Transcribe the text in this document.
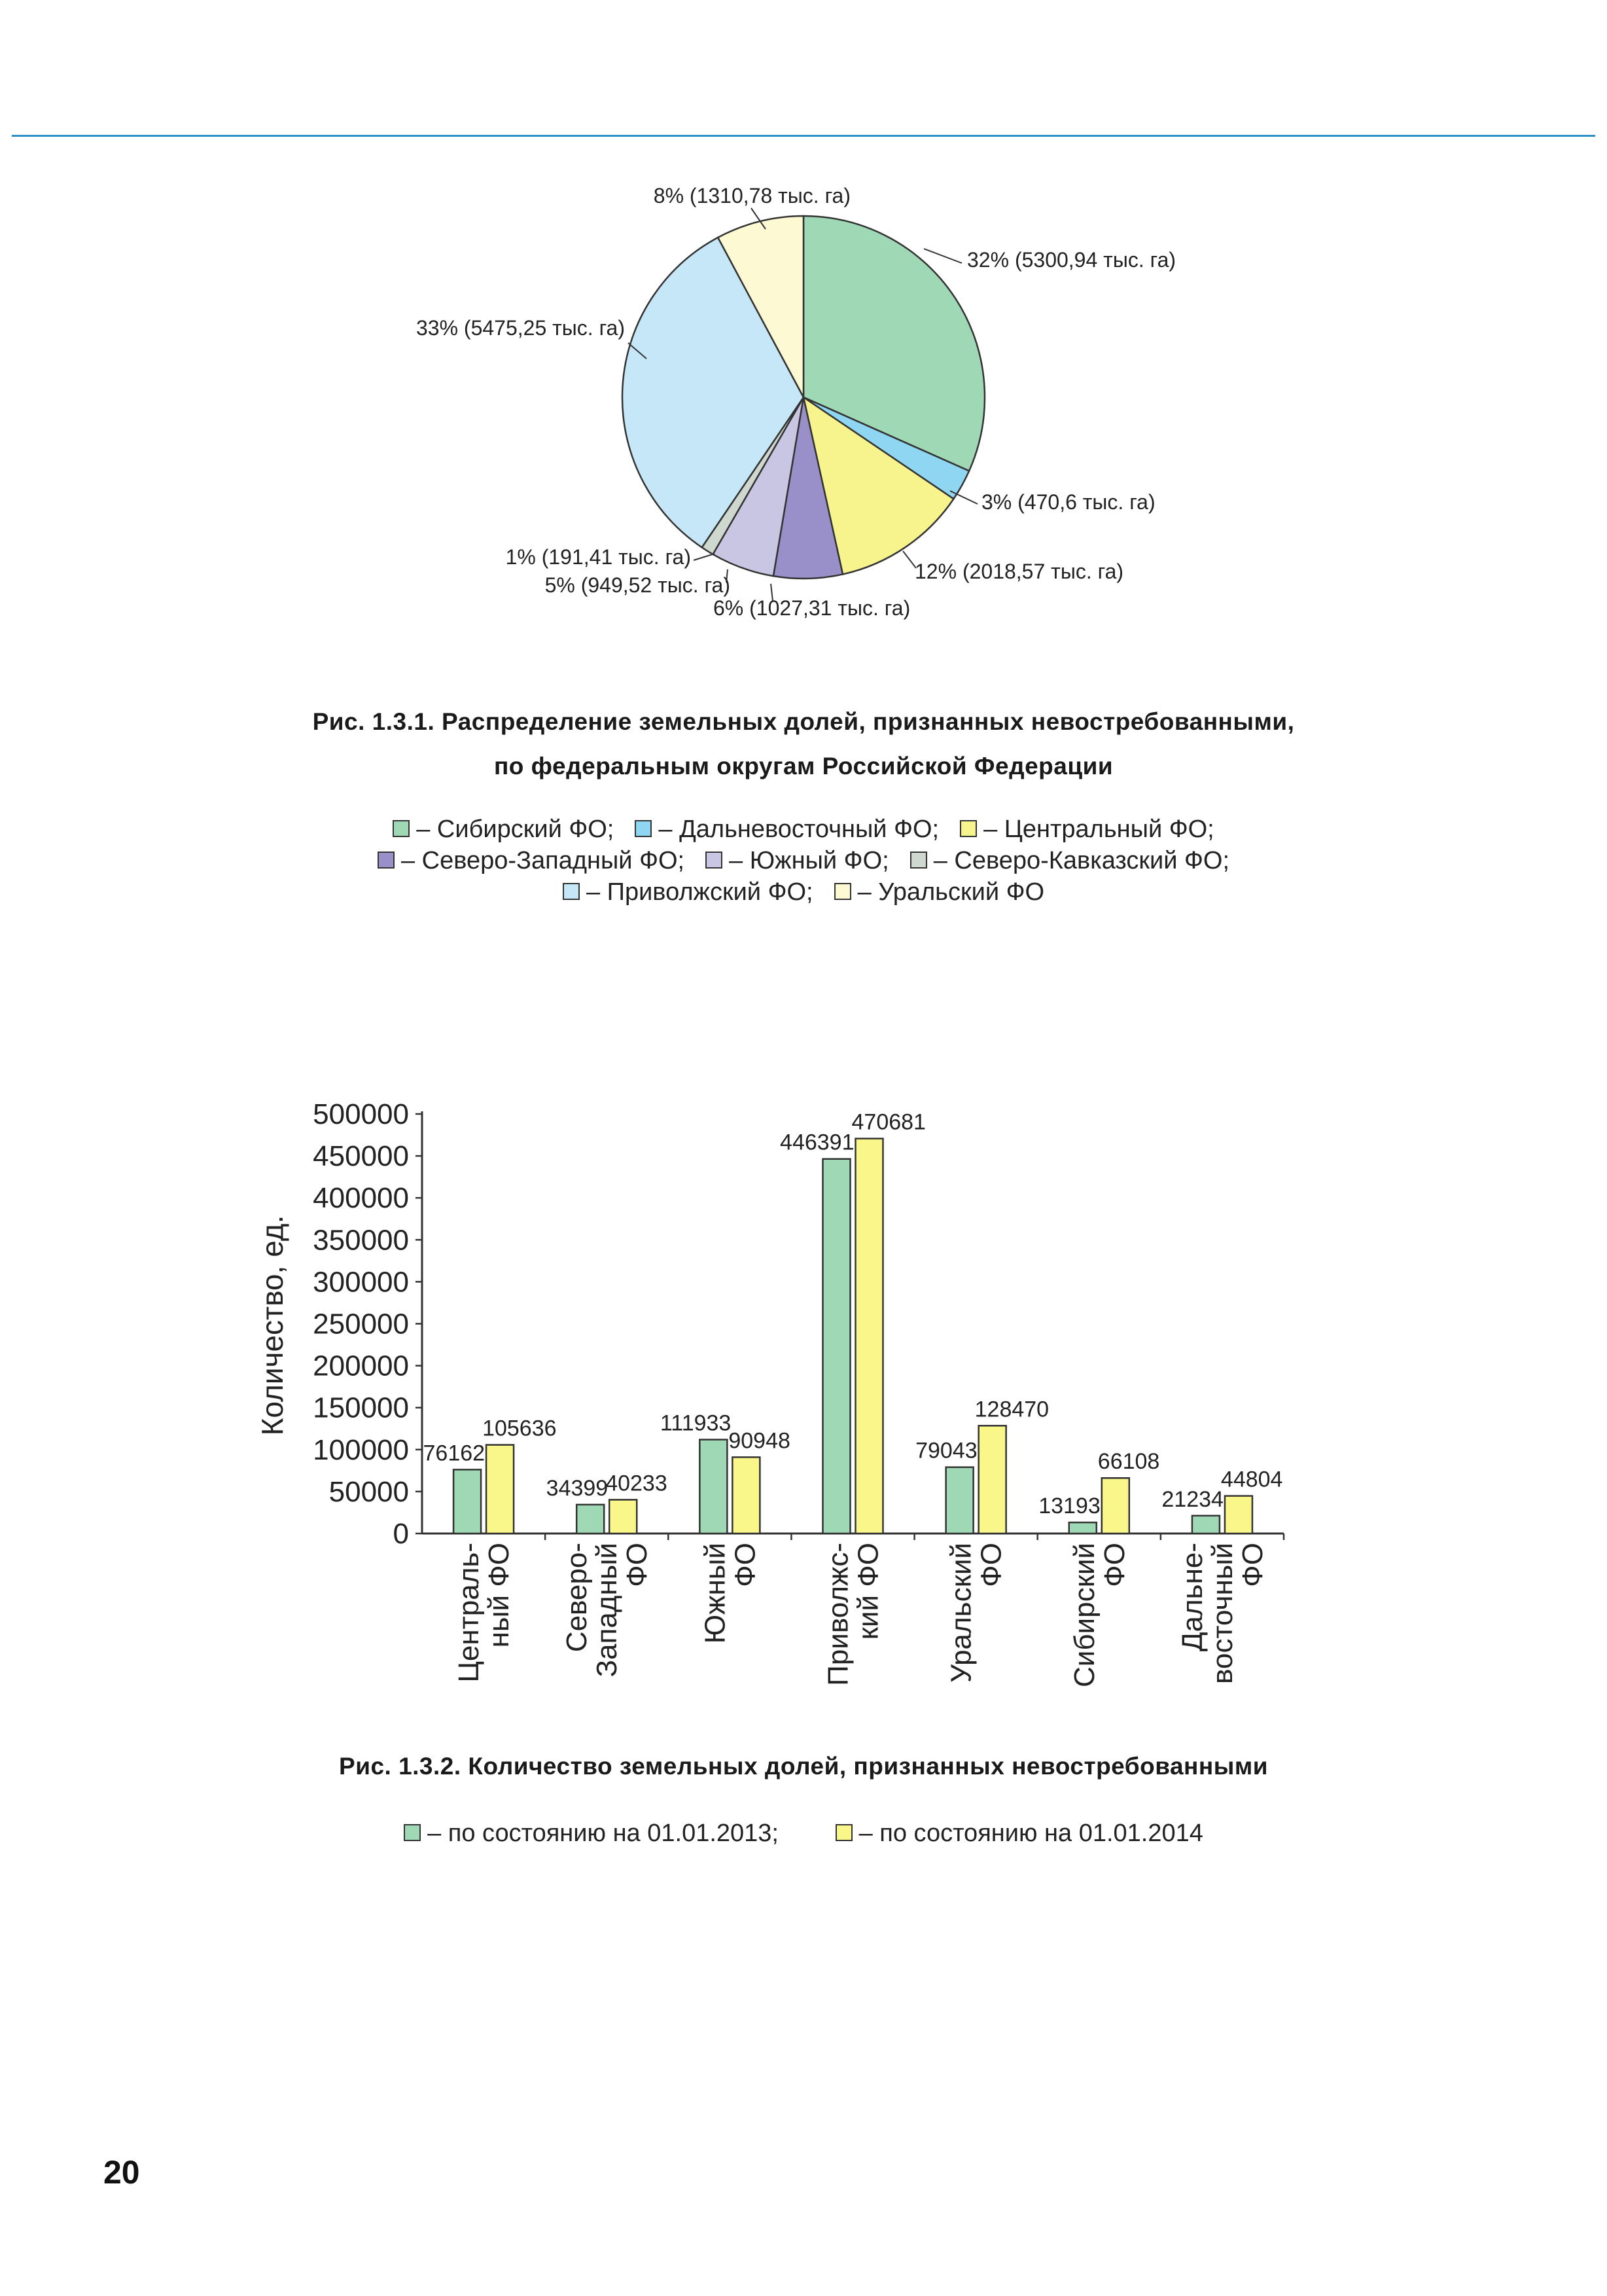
32% (5300,94 тыс. га)
3% (470,6 тыс. га)
12% (2018,57 тыс. га)
6% (1027,31 тыс. га)
5% (949,52 тыс. га)
1% (191,41 тыс. га)
33% (5475,25 тыс. га)
8% (1310,78 тыс. га)
Рис. 1.3.1. Распределение земельных долей, признанных невостребованными,
по федеральным округам Российской Федерации
– Сибирский ФО; – Дальневосточный ФО; – Центральный ФО;
– Северо-Западный ФО; – Южный ФО; – Северо-Кавказский ФО;
– Приволжский ФО; – Уральский ФО
0
50000
100000
150000
200000
250000
300000
350000
400000
450000
500000
Количество, ед.
76162
105636
Централь-
ный ФО
34399
40233
Северо-
Западный
ФО
111933
90948
Южный
ФО
446391
470681
Приволжс-
кий ФО
79043
128470
Уральский
ФО
13193
66108
Сибирский
ФО
21234
44804
Дальне-
восточный
ФО
Рис. 1.3.2. Количество земельных долей, признанных невостребованными
– по состоянию на 01.01.2013;	– по состоянию на 01.01.2014
20
